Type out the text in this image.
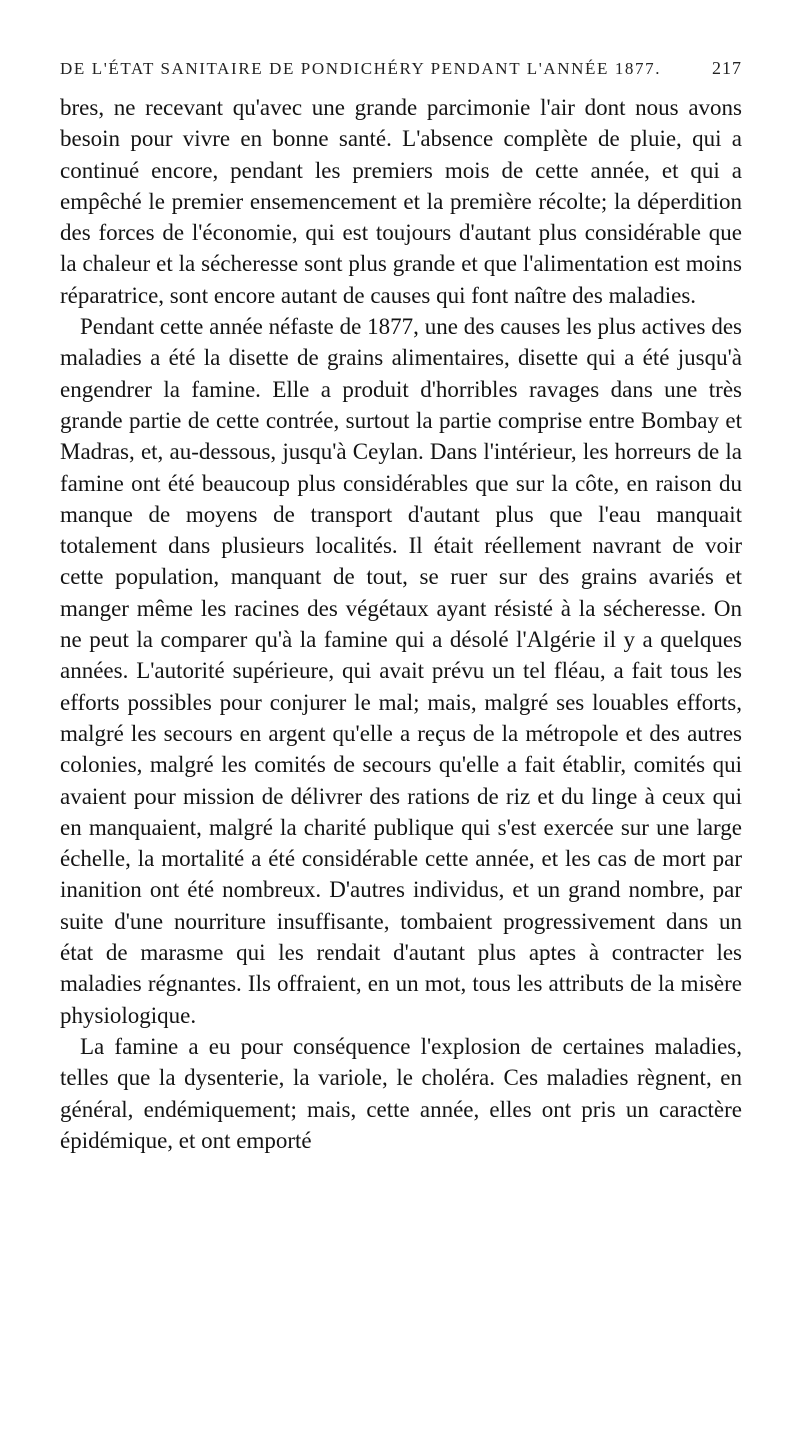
DE L'ÉTAT SANITAIRE DE PONDICHÉRY PENDANT L'ANNÉE 1877.	217

bres, ne recevant qu'avec une grande parcimonie l'air dont nous avons besoin pour vivre en bonne santé. L'absence complète de pluie, qui a continué encore, pendant les premiers mois de cette année, et qui a empêché le premier ensemencement et la première récolte; la déperdition des forces de l'économie, qui est toujours d'autant plus considérable que la chaleur et la sécheresse sont plus grande et que l'alimentation est moins réparatrice, sont encore autant de causes qui font naître des maladies.

Pendant cette année néfaste de 1877, une des causes les plus actives des maladies a été la disette de grains alimentaires, disette qui a été jusqu'à engendrer la famine. Elle a produit d'horribles ravages dans une très grande partie de cette contrée, surtout la partie comprise entre Bombay et Madras, et, au-dessous, jusqu'à Ceylan. Dans l'intérieur, les horreurs de la famine ont été beaucoup plus considérables que sur la côte, en raison du manque de moyens de transport d'autant plus que l'eau manquait totalement dans plusieurs localités. Il était réellement navrant de voir cette population, manquant de tout, se ruer sur des grains avariés et manger même les racines des végétaux ayant résisté à la sécheresse. On ne peut la comparer qu'à la famine qui a désolé l'Algérie il y a quelques années. L'autorité supérieure, qui avait prévu un tel fléau, a fait tous les efforts possibles pour conjurer le mal; mais, malgré ses louables efforts, malgré les secours en argent qu'elle a reçus de la métropole et des autres colonies, malgré les comités de secours qu'elle a fait établir, comités qui avaient pour mission de délivrer des rations de riz et du linge à ceux qui en manquaient, malgré la charité publique qui s'est exercée sur une large échelle, la mortalité a été considérable cette année, et les cas de mort par inanition ont été nombreux. D'autres individus, et un grand nombre, par suite d'une nourriture insuffisante, tombaient progressivement dans un état de marasme qui les rendait d'autant plus aptes à contracter les maladies régnantes. Ils offraient, en un mot, tous les attributs de la misère physiologique.

La famine a eu pour conséquence l'explosion de certaines maladies, telles que la dysenterie, la variole, le choléra. Ces maladies règnent, en général, endémiquement; mais, cette année, elles ont pris un caractère épidémique, et ont emporté
